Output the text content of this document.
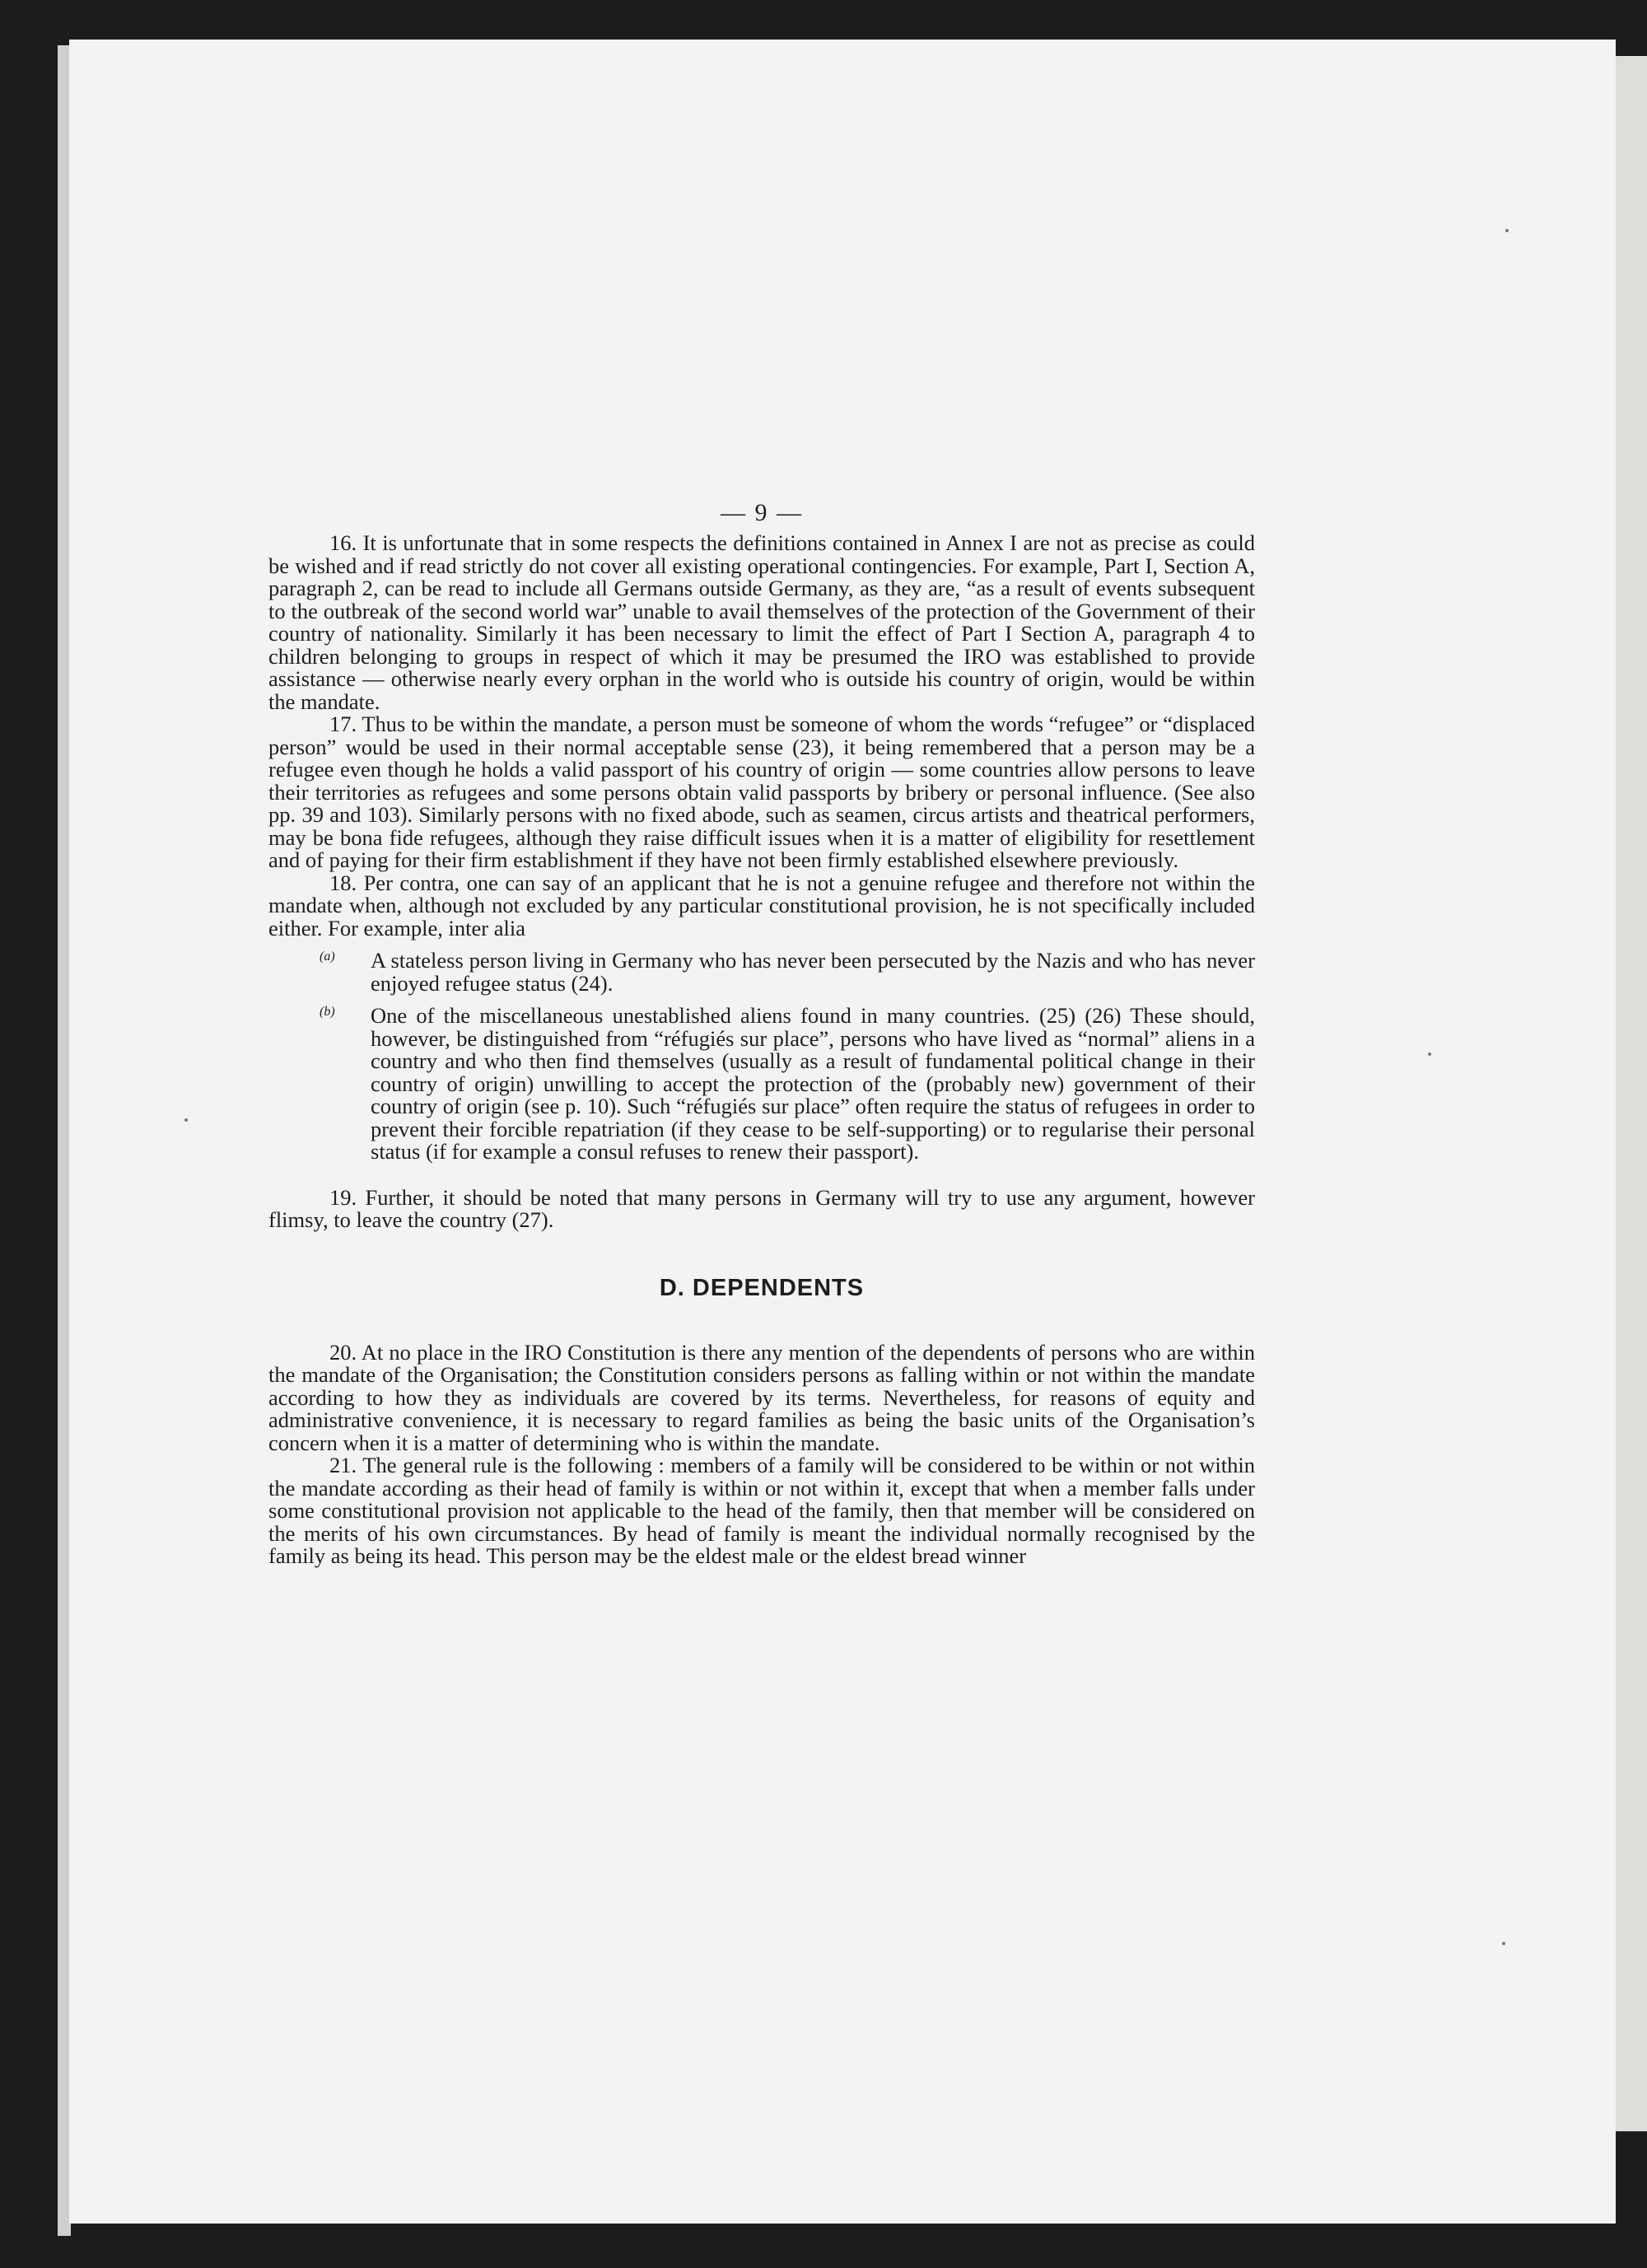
— 9 —

16. It is unfortunate that in some respects the definitions contained in Annex I are not as precise as could be wished and if read strictly do not cover all existing operational contingencies. For example, Part I, Section A, paragraph 2, can be read to include all Germans outside Germany, as they are, “as a result of events subsequent to the outbreak of the second world war” unable to avail themselves of the protection of the Government of their country of nationality. Similarly it has been necessary to limit the effect of Part I Section A, paragraph 4 to children belonging to groups in respect of which it may be presumed the IRO was established to provide assistance — otherwise nearly every orphan in the world who is outside his country of origin, would be within the mandate.

17. Thus to be within the mandate, a person must be someone of whom the words “refugee” or “displaced person” would be used in their normal acceptable sense (23), it being remembered that a person may be a refugee even though he holds a valid passport of his country of origin — some countries allow persons to leave their territories as refugees and some persons obtain valid passports by bribery or personal influence. (See also pp. 39 and 103). Similarly persons with no fixed abode, such as seamen, circus artists and theatrical performers, may be bona fide refugees, although they raise difficult issues when it is a matter of eligibility for resettlement and of paying for their firm establishment if they have not been firmly established elsewhere previously.

18. Per contra, one can say of an applicant that he is not a genuine refugee and therefore not within the mandate when, although not excluded by any particular constitutional provision, he is not specifically included either. For example, inter alia

(a) A stateless person living in Germany who has never been persecuted by the Nazis and who has never enjoyed refugee status (24).

(b) One of the miscellaneous unestablished aliens found in many countries. (25) (26) These should, however, be distinguished from “réfugiés sur place”, persons who have lived as “normal” aliens in a country and who then find themselves (usually as a result of fundamental political change in their country of origin) unwilling to accept the protection of the (probably new) government of their country of origin (see p. 10). Such “réfugiés sur place” often require the status of refugees in order to prevent their forcible repatriation (if they cease to be self-supporting) or to regularise their personal status (if for example a consul refuses to renew their passport).

19. Further, it should be noted that many persons in Germany will try to use any argument, however flimsy, to leave the country (27).

D. DEPENDENTS

20. At no place in the IRO Constitution is there any mention of the dependents of persons who are within the mandate of the Organisation; the Constitution considers persons as falling within or not within the mandate according to how they as individuals are covered by its terms. Nevertheless, for reasons of equity and administrative convenience, it is necessary to regard families as being the basic units of the Organisation’s concern when it is a matter of determining who is within the mandate.

21. The general rule is the following : members of a family will be considered to be within or not within the mandate according as their head of family is within or not within it, except that when a member falls under some constitutional provision not applicable to the head of the family, then that member will be considered on the merits of his own circumstances. By head of family is meant the individual normally recognised by the family as being its head. This person may be the eldest male or the eldest bread winner
